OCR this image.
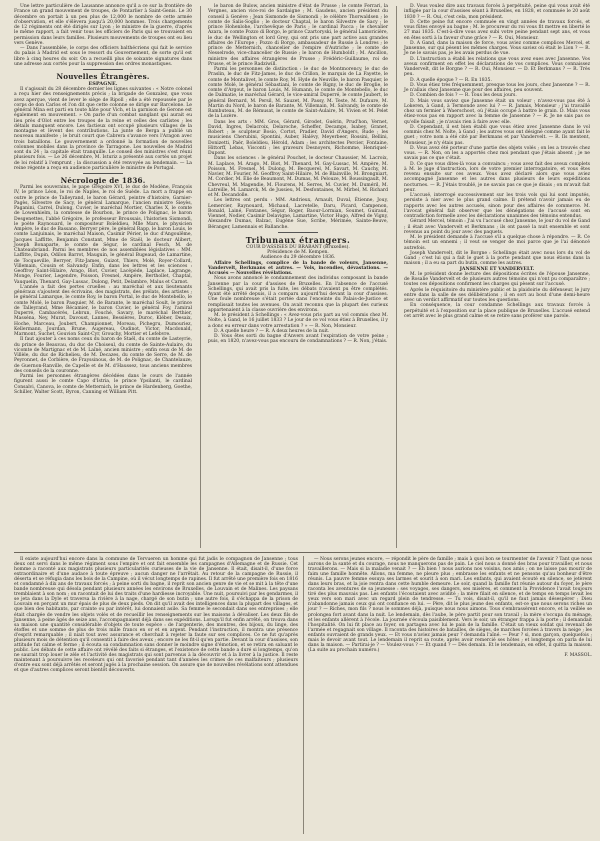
Une lettre particulière de Lausanne annonce qu'il a ce sur la frontière de France un grand mouvement de troupes, de Pontarlier à Saint-Genis. Le 30 décembre on portait à un peu plus de 12,000 le nombre de cette armée d'observation, et elle s'élèvera jusqu'à 20,000 hommes. Trois chargements de 12 régiments ont été dirigés sur Lyon ; le ministre de la guerre, d'après le même rapport, a fait venir tous les officiers de Paris qui se trouvaient en permission dans leurs familles. Plusieurs mouvements de troupes ont eu lieu vers Genève.

— Dans l'assemblée, le corps des officiers balthécriens qui fait le service du palais à Madrid est sous le ressort du Gouvernement, de sorte qu'il est libre à cinq heures du soir. On a recueilli plus de soixante signatures dans une adresse aux cortès pour la suppression des ordres monastiques.

Nouvelles Étrangères.

ESPAGNE.

Il s'agissait du 28 décembre dernier les lignes suivantes : « Notre colonel a reçu hier des renseignements précis ; la brigade de Gonzalez, que vous avez aperçue, vient de lever le siège de Ripoll ; elle a été repoussée par le corps de don Carlos et l'on dit que cette colonne se dirige sur Barcelone. Le général Mina est parti en toute hâte pour Vich, et la garnison de Gerone est également en mouvement. » On parle d'un combat sanglant qui aurait eu lieu près d'Olot entre les troupes de la reine et celles des carlistes ; les détails manquent encore. Les factieux ont occupé plusieurs villages de la montagne et lèvent des contributions. La junte de Berga a publié un nouveau manifeste ; le bruit court que Cabrera s'avance vers l'Aragon avec trois bataillons. Le gouvernement a ordonné la formation de nouvelles colonnes mobiles dans la province de Tarragone. Les nouvelles de Madrid sont du 24 ; la capitale était tranquille. Le conseil des ministres s'est réuni plusieurs fois. — Le 26 décembre, M. Isturiz a présenté aux cortès un projet de loi relatif à l'emprunt ; la discussion a été renvoyée au lendemain. — La reine régente a reçu en audience particulière le ministre de Portugal.

Nécrologie de 1836.

Parmi les souverains, le pape Grégoire XVI, le duc de Modène, François IV, le prince Léon, le roi de Naples, le roi de Suède. La mort a frappé en outre le prince de Talleyrand, le baron Gérard, peintre d'histoire, Garnier-Pagès, Silvestre de Sacy, le général Lamarque, l'ancien ministre Sieyès, Paganini, Carrel, Dulong, Cuvier, le maréchal Mortier, Charles X, le comte de Lowenhielm, la comtesse de Bourbon, le prince de Polignac, le baron Desgenettes, l'abbé Grégoire, le professeur Broussais, l'historien Sismondi, le poète Raynouard, le compositeur Boïeldieu, Mlle Mars, le physicien Ampère, le duc de Bassano, Berryer père, le général Rapp, le baron Louis, le comte Lanjuinais, le maréchal Maison, Casimir Périer, le duc d'Angoulême, Jacques Laffitte, Benjamin Constant, Mme de Staël, le docteur Alibert, Joseph Bonaparte, le comte de Ségur, le cardinal Fesch, M. de Chateaubriand. Parmi les membres de nos assemblées législatives : MM. Laffitte, Dupin, Odilon Barrot, Mauguin, le général Bugeaud, de Lamartine, de Tocqueville, Berryer, Fitz-James, Guizot, Thiers, Molé, Royer-Collard, Villemain, Cousin et Salvandy. Enfin, dans les lettres et les sciences : Geoffroy Saint-Hilaire, Arago, Biot, Cuvier, Lacépède, Laplace, Lagrange, Monge, Fourier, Legendre, Poisson, Fresnel, Ampère, Berthollet, Chaptal, Vauquelin, Thenard, Gay-Lussac, Dulong, Petit, Delambre, Malus et Carnot.

L'année a fait des pertes cruelles : au maréchal et aux lieutenants généraux s'ajoutent des écrivains, des magistrats, des prélats, des artistes ; le général Lamarque, le comte Roy, le baron Portal, le duc de Montebello, le comte Molé, le baron Pasquier, M. de Barante, le maréchal Soult, le prince de Talleyrand, Mme Récamier, le baron Cuvier, le général Foy, l'amiral Duperré, Cambacérès, Lebrun, Fouché, Savary, le maréchal Berthier, Masséna, Ney, Murat, Davoust, Lannes, Bessières, Duroc, Kléber, Desaix, Hoche, Marceau, Joubert, Championnet, Moreau, Pichegru, Dumouriez, Kellermann, Jourdan, Brune, Augereau, Oudinot, Victor, Macdonald, Marmont, Suchet, Gouvion Saint-Cyr, Grouchy, Mortier et Lefebvre.

Il faut ajouter à ces noms ceux du baron de Staël, du comte de Lasteyrie, du prince de Beauvau, du duc de Choiseul, du comte de Sainte-Aulaire, du vicomte de Martignac et de M. Laîné, ancien ministre ; enfin ceux de M. de Villèle, du duc de Richelieu, de M. Decazes, du comte de Serre, de M. de Peyronnet, de Corbière, de Frayssinous, de M. de Polignac, de Chantelauze, de Guernon-Ranville, de Capelle et de M. d'Haussez, tous anciens membres des conseils de la couronne.

Parmi les personnes étrangères décédées dans le cours de l'année figurent aussi le comte Capo d'Istria, le prince Ypsilanti, le cardinal Consalvi, Canova, le comte de Metternich, le prince de Hardenberg, Goethe, Schiller, Walter Scott, Byron, Canning et William Pitt.

le baron de Bulow, ancien ministre d'état de Prusse ; le comte Ferrari, la Vergnes, ancien vice-roi de Sardaigne ; M. Gaudens, ancien président du conseil à Genève ; Jean Sismonde de Sismondi ; le célèbre Thorwaldsen ; le comte de Salis-Soglio ; le docteur Chaptal, le baron Silvestre de Sacy ; le prince Hohenlohe, l'archevêque de Paris ; le cardinal Pacca ; le chevalier Azara, le comte Pozzo di Borgo, le prince Czartoryski, le général Lamoricière, le duc de Wellington et lord Grey, qui ont pris une part active aux grandes affaires de l'Europe ; Pozzo di Borgo, ambassadeur de Russie à Londres ; le prince de Metternich, chancelier de l'empire d'Autriche ; le comte de Nesselrode, vice-chancelier de Russie ; le baron de Humboldt ; M. Ancillon, ministre des affaires étrangères de Prusse ; Frédéric-Guillaume, roi de Prusse, et le prince Radziwill.

Parmi les personnes de distinction : le duc de Montmorency, le duc de Praslin, le duc de Fitz-James, le duc de Crillon, le marquis de La Fayette, le comte de Montalivet, le comte Roy, M. Hyde de Neuville, le baron Pasquier, le comte Molé, le général Sébastiani, le comte de Rigny, le duc de Broglie, le comte d'Argout, le baron Louis, M. Humann, le comte de Montebello, le duc de Dalmatie, le maréchal Gérard, le vice-amiral Duperré, le comte Jaubert, le général Bernard, M. Persil, M. Sauzet, M. Passy, M. Teste, M. Dufaure, M. Martin du Nord, le baron de Barante, M. Villemain, M. Salvandy, le comte de Rambuteau, M. de Rémusat, le comte de Saint-Aulaire, M. Vivien et M. Pelet de la Lozère.

Dans les arts : MM. Gros, Gérard, Girodet, Guérin, Prud'hon, Vernet, David, Ingres, Delacroix, Delaroche, Scheffer, Decamps, Isabey, Granet, Robert ; le sculpteur Bosio, Cortot, Pradier, David d'Angers, Rude ; les musiciens Cherubini, Spontini, Auber, Halévy, Meyerbeer, Rossini, Bellini, Donizetti, Paër, Boïeldieu, Hérold, Adam ; les architectes Percier, Fontaine, Hittorff, Lebas, Visconti ; les graveurs Desnoyers, Richomme, Henriquel-Dupont.

Dans les sciences : le général Pouchet, le docteur Chaussier, M. Lacroix, M. Laplace, M. Arago, M. Biot, M. Thenard, M. Gay-Lussac, M. Ampère, M. Poisson, M. Fresnel, M. Dulong, M. Becquerel, M. Savart, M. Cauchy, M. Navier, M. Fourier, M. Geoffroy Saint-Hilaire, M. de Blainville, M. Brongniart, M. Cordier, M. Élie de Beaumont, M. Dumas, M. Pelouze, M. Boussingault, M. Chevreul, M. Magendie, M. Flourens, M. Serres, M. Cuvier, M. Duméril, M. Latreille, M. Lamarck, M. de Jussieu, M. Desfontaines, M. Mirbel, M. Richard et M. Decandolle.

Les lettres ont perdu : MM. Andrieux, Arnault, Duval, Étienne, Jouy, Lemercier, Raynouard, Michaud, Lacretelle, Daru, Picard, Campenon, Bonald, Lainé, Fontanes, Ségur, Roger, Baour-Lormian, Soumet, Guiraud, Viennet, Nodier, Casimir Delavigne, Lamartine, Victor Hugo, Alfred de Vigny, Alexandre Dumas, Balzac, Eugène Sue, Scribe, Mérimée, Sainte-Beuve, Béranger, Lamennais et Ballanche.

Tribunaux étrangers.

COUR D'ASSISES DU BRABANT (Bruxelles).

Présidence de M. Kempen.

Audience du 29 décembre 1836.

Affaire Schellings, complice de la bande de voleurs, Jansenne, Vandervelt, Berkmans et autres. — Vols, incendies, dévastations. — Accusés — Nouvelles révélations.

Nous avons annoncé le condamnement des individus composant la bande Jansenne par la cour d'assises de Bruxelles. En l'absence de l'accusé Schellings, qui avait pris la fuite, les débats n'avaient pu être complétés. Ayant été arrêté depuis, il a comparu aujourd'hui devant la cour d'assises. Une foule nombreuse s'était portée dans l'enceinte du Palais-de-Justice et remplissait toutes les avenues. On avait reconnu que la plupart des curieux appartenaient à la classe ouvrière des environs.

M. le président à Schellings : « Avez-vous pris part au vol commis chez M. Nolte, à Gand, le 16 juillet 1833 ? Le jour de ce vol vous étiez à Bruxelles, il y a donc eu erreur dans votre arrestation ? » — R. Non, Monsieur.

D. A quelle heure ? — R. À deux heures de la nuit.

D. Vous êtes sorti du bagne d'Anvers avant l'expiration de votre peine ; puis, en 1820, n'avez-vous pas encouru de condamnations ? — R. Non, j'étais.

D. Vous voulez dire aux travaux forcés à perpétuité, peine qui vous avait été infligée par la cour d'assises séant à Bruxelles, en 1828, et commuée le 20 août 1830 ? — R. Oui, c'est cela, mon président.

D. Cette peine fut encore commuée en vingt années de travaux forcés, et vous fûtes envoyé au bagne ; M. le procureur du roi vous fit mettre en liberté le 27 mai 1835. C'est-à-dire vous avez subi votre peine pendant sept ans, et vous en êtes sorti à la faveur d'une grâce ? — R. Oui, Monsieur.

D. A Gand, dans la maison de force, vous aviez comme complices Mercel, et Jansenne, sur qui pèsent les mêmes charges. Vous saviez où était le Lion ? — R. Je ne le savais pas, je les avais perdus de vue.

D. L'instruction a établi les relations que vous avez eues avec Jansenne. Vos aveux confirment en effet les déclarations de vos complices. Vous connaissez Vandervelt, dit le Borgne ? — R. Oui, Monsieur. — D. Et Berkmans ? — R. Très peu.

D. A quelle époque ? — R. En 1835.

D. Vous étiez très fréquemment, presque tous les jours, chez Jansenne ? — R. Je n'allais chez Jansenne que pour des affaires, peu souvent.

D. Combien de fois ? — R. Tous les deux jours.

D. Mais vous saviez que Jansenne était un voleur ; n'avez-vous pas été à Lokeren, à Gand, à Termonde avec lui ? — R. Jamais, Monsieur ; j'ai travaillé chez un fermier à Waerschoot, où j'étais occupé à battre le grain. D. Mais vous étiez-vous pas en rapport avec la femme de Jansenne ? — R. Je ne sais pas ce qu'elle faisait ; je n'avais rien à faire avec elle.

D. Cependant, il est bien établi que vous étiez avec Jansenne dans le vol commis chez M. Nolte, à Gand ; les autres vous ont désigné comme ayant fait le guet ; votre nom a été cité par Berkmans et par Vandervelt. — R. Ils mentent, Monsieur, je n'y étais pas.

D. Vous avez été porteur d'une partie des objets volés ; on les a trouvés chez vous. — R. Non, on les a apportés chez moi pendant que j'étais absent ; je ne savais pas ce que c'était.

D. Ce que vous dites-là vous a convaincu ; vous avez fait des aveux complets à M. le juge d'instruction, lors de votre premier interrogatoire, et vous êtes revenu ensuite sur ces aveux. Vous avez déclaré alors que vous aviez accompagné Jansenne et les autres dans plusieurs de leurs expéditions nocturnes. — R. J'étais troublé, je ne savais pas ce que je disais ; on m'avait fait peur.

L'accusé, interrogé successivement sur les trois vols qui lui sont imputés, persiste à nier avec le plus grand calme. Il prétend n'avoir jamais eu de rapports avec les autres accusés, sinon pour des affaires de commerce. M. l'avocat général fait observer que les dénégations de l'accusé sont en contradiction formelle avec les déclarations unanimes des témoins entendus.

Gérard Mercel, témoin : J'ai vu l'accusé chez Jansenne, le jour du vol de Gand ; il était avec Vandervelt et Berkmans ; ils ont passé la nuit ensemble et sont revenus au point du jour avec des paquets.

M. le président demande à l'accusé s'il a quelque chose à répondre. — R. Ce témoin est un ennemi ; il veut se venger de moi parce que je l'ai dénoncé autrefois.

Joseph Vandervelt, dit le Borgne : Schellings était avec nous lors du vol de Gand ; c'est lui qui a fait le guet à la porte pendant que nous étions dans la maison ; il a eu sa part du butin, comme les autres.

JANSENNE ET VANDERVELT.

M. le président donne lecture des dépositions écrites de l'épouse Jansenne, de Rosalie Vandervelt et de plusieurs autres témoins qui n'ont pu comparaître ; toutes ces dépositions confirment les charges qui pèsent sur l'accusé.

Après le réquisitoire du ministère public et la plaidoirie du défenseur, le jury entre dans la salle de ses délibérations ; il en sort au bout d'une demi-heure avec un verdict affirmatif sur toutes les questions.

En conséquence, la cour condamne Schellings aux travaux forcés à perpétuité et à l'exposition sur la place publique de Bruxelles. L'accusé entend cet arrêt avec le plus grand calme et se retire sans proférer une parole.

Il existe aujourd'hui encore dans la commune de Tervueren un homme qui fut jadis le compagnon de Jansenne ; tous deux ont servi dans le même régiment sous l'empire et ont fait ensemble les campagnes d'Allemagne et de Russie. Cet homme a raconté aux magistrats plusieurs particularités curieuses de la vie de Jansenne. Il était, disait-il, d'une force extraordinaire et d'une audace à toute épreuve ; aucun danger ne l'arrêtait. Au retour de la campagne de Russie, il déserta et se réfugia dans les bois de la Campine, où il vécut longtemps de rapines. Il fut arrêté une première fois en 1816 et condamné à dix ans de travaux forcés ; à peine sorti du bagne, il reprit son ancien genre de vie et se mit à la tête d'une bande nombreuse qui désola pendant plusieurs années les environs de Bruxelles, de Louvain et de Malines. Les paysans tremblaient à son nom ; on racontait de lui des traits d'une hardiesse incroyable. Une nuit, poursuivi par les gendarmes, il se jeta dans la Dyle et traversa la rivière à la nage, chargé de son butin ; une autre fois, il s'échappa de la prison de Louvain en perçant un mur épais de plus de deux pieds. On dit qu'il avait des intelligences dans la plupart des villages, et que bien des habitants, par crainte ou par intérêt, lui donnaient asile. Sa femme le secondait dans ses entreprises ; elle était chargée de vendre les objets volés et de recueillir les renseignements sur les maisons à dévaliser. Les deux fils de Jansenne, à peine âgés de seize ans, l'accompagnaient déjà dans ses expéditions. Lorsqu'il fut enfin arrêté, on trouva dans sa maison une quantité considérable d'objets de toute espèce : de l'argenterie, des montres, des bijoux, du linge, des étoffes et une somme de plus de trois mille francs en or et en argent. Pendant l'instruction, il montra une présence d'esprit remarquable ; il niait tout avec assurance et cherchait à rejeter la faute sur ses complices. Ce ne fut qu'après plusieurs mois de détention qu'il consentit à faire des aveux ; encore ne les fit-il qu'en partie. Devant la cour d'assises, son attitude fut calme et ferme ; il écouta sa condamnation sans donner le moindre signe d'émotion, et se retira en saluant le public. Les débats de cette affaire ont révélé des faits si étranges, et l'existence de cette bande a duré si longtemps, qu'on ne saurait trop louer le zèle et l'activité des magistrats qui sont parvenus à la découvrir et à la livrer à la justice. Il reste maintenant à poursuivre les receleurs qui ont favorisé pendant tant d'années les crimes de ces malfaiteurs ; plusieurs d'entre eux sont déjà arrêtés et seront jugés à la prochaine session. On assure que de nouvelles révélations sont attendues et que d'autres complices seront bientôt découverts.

— Nous serons jeunes encore, — répondit le père de famille ; mais à quoi bon se tourmenter de l'avenir ? Tant que nous aurons de la santé et du courage, nous ne manquerons pas de pain. Le ciel nous a donné des bras pour travailler, et nous travaillerons. — Mais si la maladie venait ? — Eh bien ! nous aurions nos voisins, nos amis ; on ne laisse pas mourir de faim une famille honnête. Allons, ma femme, ne pleure plus ; embrasse les enfants et ne pensons qu'au bonheur d'être réunis. La pauvre femme essuya ses larmes et sourit à son mari. Les enfants, qui avaient écouté en silence, se jetèrent dans leurs bras, et la joie rentra dans cette humble demeure. Le soir, quand la famille fut réunie autour du foyer, le père raconta les aventures de sa jeunesse : ses voyages, ses dangers, ses misères, et comment la Providence l'avait toujours tiré des plus mauvais pas. Les enfants l'écoutaient avec avidité ; la mère filait en silence, et de temps en temps levait les yeux vers son mari avec un regard plein de tendresse. — Tu vois, disait-il, qu'il ne faut jamais désespérer ; Dieu n'abandonne jamais ceux qui ont confiance en lui. — Père, dit le plus jeune des enfants, est-ce que nous serons riches un jour ? — Riches, mon fils ? nous le sommes déjà, puisque nous nous aimons. Tous s'embrassèrent encore, et la veillée se prolongea fort avant dans la nuit. Le lendemain, dès l'aube, le père partit pour son travail ; la mère s'occupa du ménage, et les enfants allèrent à l'école. La journée s'écoula paisiblement. Vers le soir, un étranger frappa à la porte ; il demandait l'hospitalité. On lui fit place au foyer, on partagea avec lui le pain de la famille. C'était un vieux soldat qui revenait de l'armée et regagnait son village. Il raconta des histoires de batailles, de sièges, de marches forcées à travers la neige ; les enfants ouvraient de grands yeux. — Et vous n'aviez jamais peur ? demanda l'aîné. — Peur ? si, mon garçon, quelquefois ; mais le devoir avant tout. Le lendemain il reprit sa route, après avoir remercié ses hôtes ; et longtemps on parla de lui dans la maison. — Partirai-je ? — Voulez-vous ? — Et quand ? — Dès demain. Et le lendemain, en effet, il quitta la maison. (La suite au prochain numéro.)

F. MASSOL.
